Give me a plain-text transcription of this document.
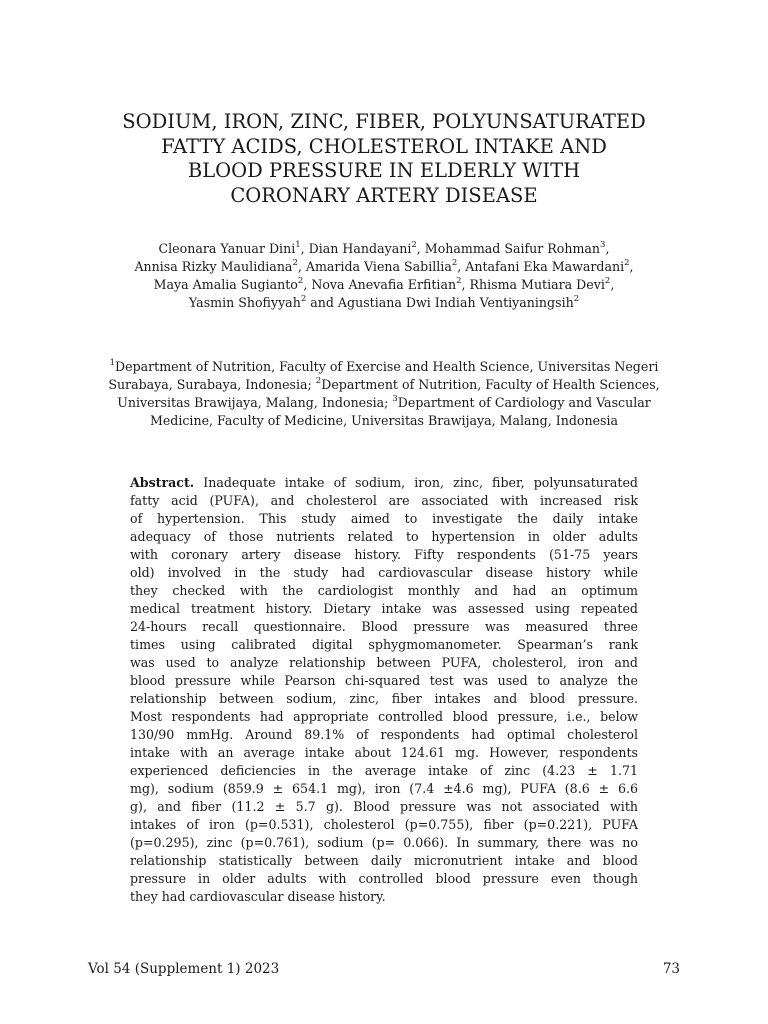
SODIUM, IRON, ZINC, FIBER, POLYUNSATURATED
FATTY ACIDS, CHOLESTEROL INTAKE AND
BLOOD PRESSURE IN ELDERLY WITH
CORONARY ARTERY DISEASE
Cleonara Yanuar Dini$^1$, Dian Handayani$^2$, Mohammad Saifur Rohman$^3$,
Annisa Rizky Maulidiana$^2$, Amarida Viena Sabillia$^2$, Antafani Eka Mawardani$^2$,
Maya Amalia Sugianto$^2$, Nova Anevafia Erfitian$^2$, Rhisma Mutiara Devi$^2$,
Yasmin Shofiyyah$^2$ and Agustiana Dwi Indiah Ventiyaningsih$^2$
$^1$Department of Nutrition, Faculty of Exercise and Health Science, Universitas Negeri
Surabaya, Surabaya, Indonesia; $^2$Department of Nutrition, Faculty of Health Sciences,
Universitas Brawijaya, Malang, Indonesia; $^3$Department of Cardiology and Vascular
Medicine, Faculty of Medicine, Universitas Brawijaya, Malang, Indonesia
Abstract. Inadequate intake of sodium, iron, zinc, fiber, polyunsaturated
fatty acid (PUFA), and cholesterol are associated with increased risk
of hypertension. This study aimed to investigate the daily intake
adequacy of those nutrients related to hypertension in older adults
with coronary artery disease history. Fifty respondents (51-75 years
old) involved in the study had cardiovascular disease history while
they checked with the cardiologist monthly and had an optimum
medical treatment history. Dietary intake was assessed using repeated
24-hours recall questionnaire. Blood pressure was measured three
times using calibrated digital sphygmomanometer. Spearman’s rank
was used to analyze relationship between PUFA, cholesterol, iron and
blood pressure while Pearson chi-squared test was used to analyze the
relationship between sodium, zinc, fiber intakes and blood pressure.
Most respondents had appropriate controlled blood pressure, i.e., below
130/90 mmHg. Around 89.1% of respondents had optimal cholesterol
intake with an average intake about 124.61 mg. However, respondents
experienced deficiencies in the average intake of zinc (4.23 ± 1.71
mg), sodium (859.9 ± 654.1 mg), iron (7.4 ±4.6 mg), PUFA (8.6 ± 6.6
g), and fiber (11.2 ± 5.7 g). Blood pressure was not associated with
intakes of iron (p=0.531), cholesterol (p=0.755), fiber (p=0.221), PUFA
(p=0.295), zinc (p=0.761), sodium (p= 0.066). In summary, there was no
relationship statistically between daily micronutrient intake and blood
pressure in older adults with controlled blood pressure even though
they had cardiovascular disease history.
Vol 54 (Supplement 1) 2023	73
